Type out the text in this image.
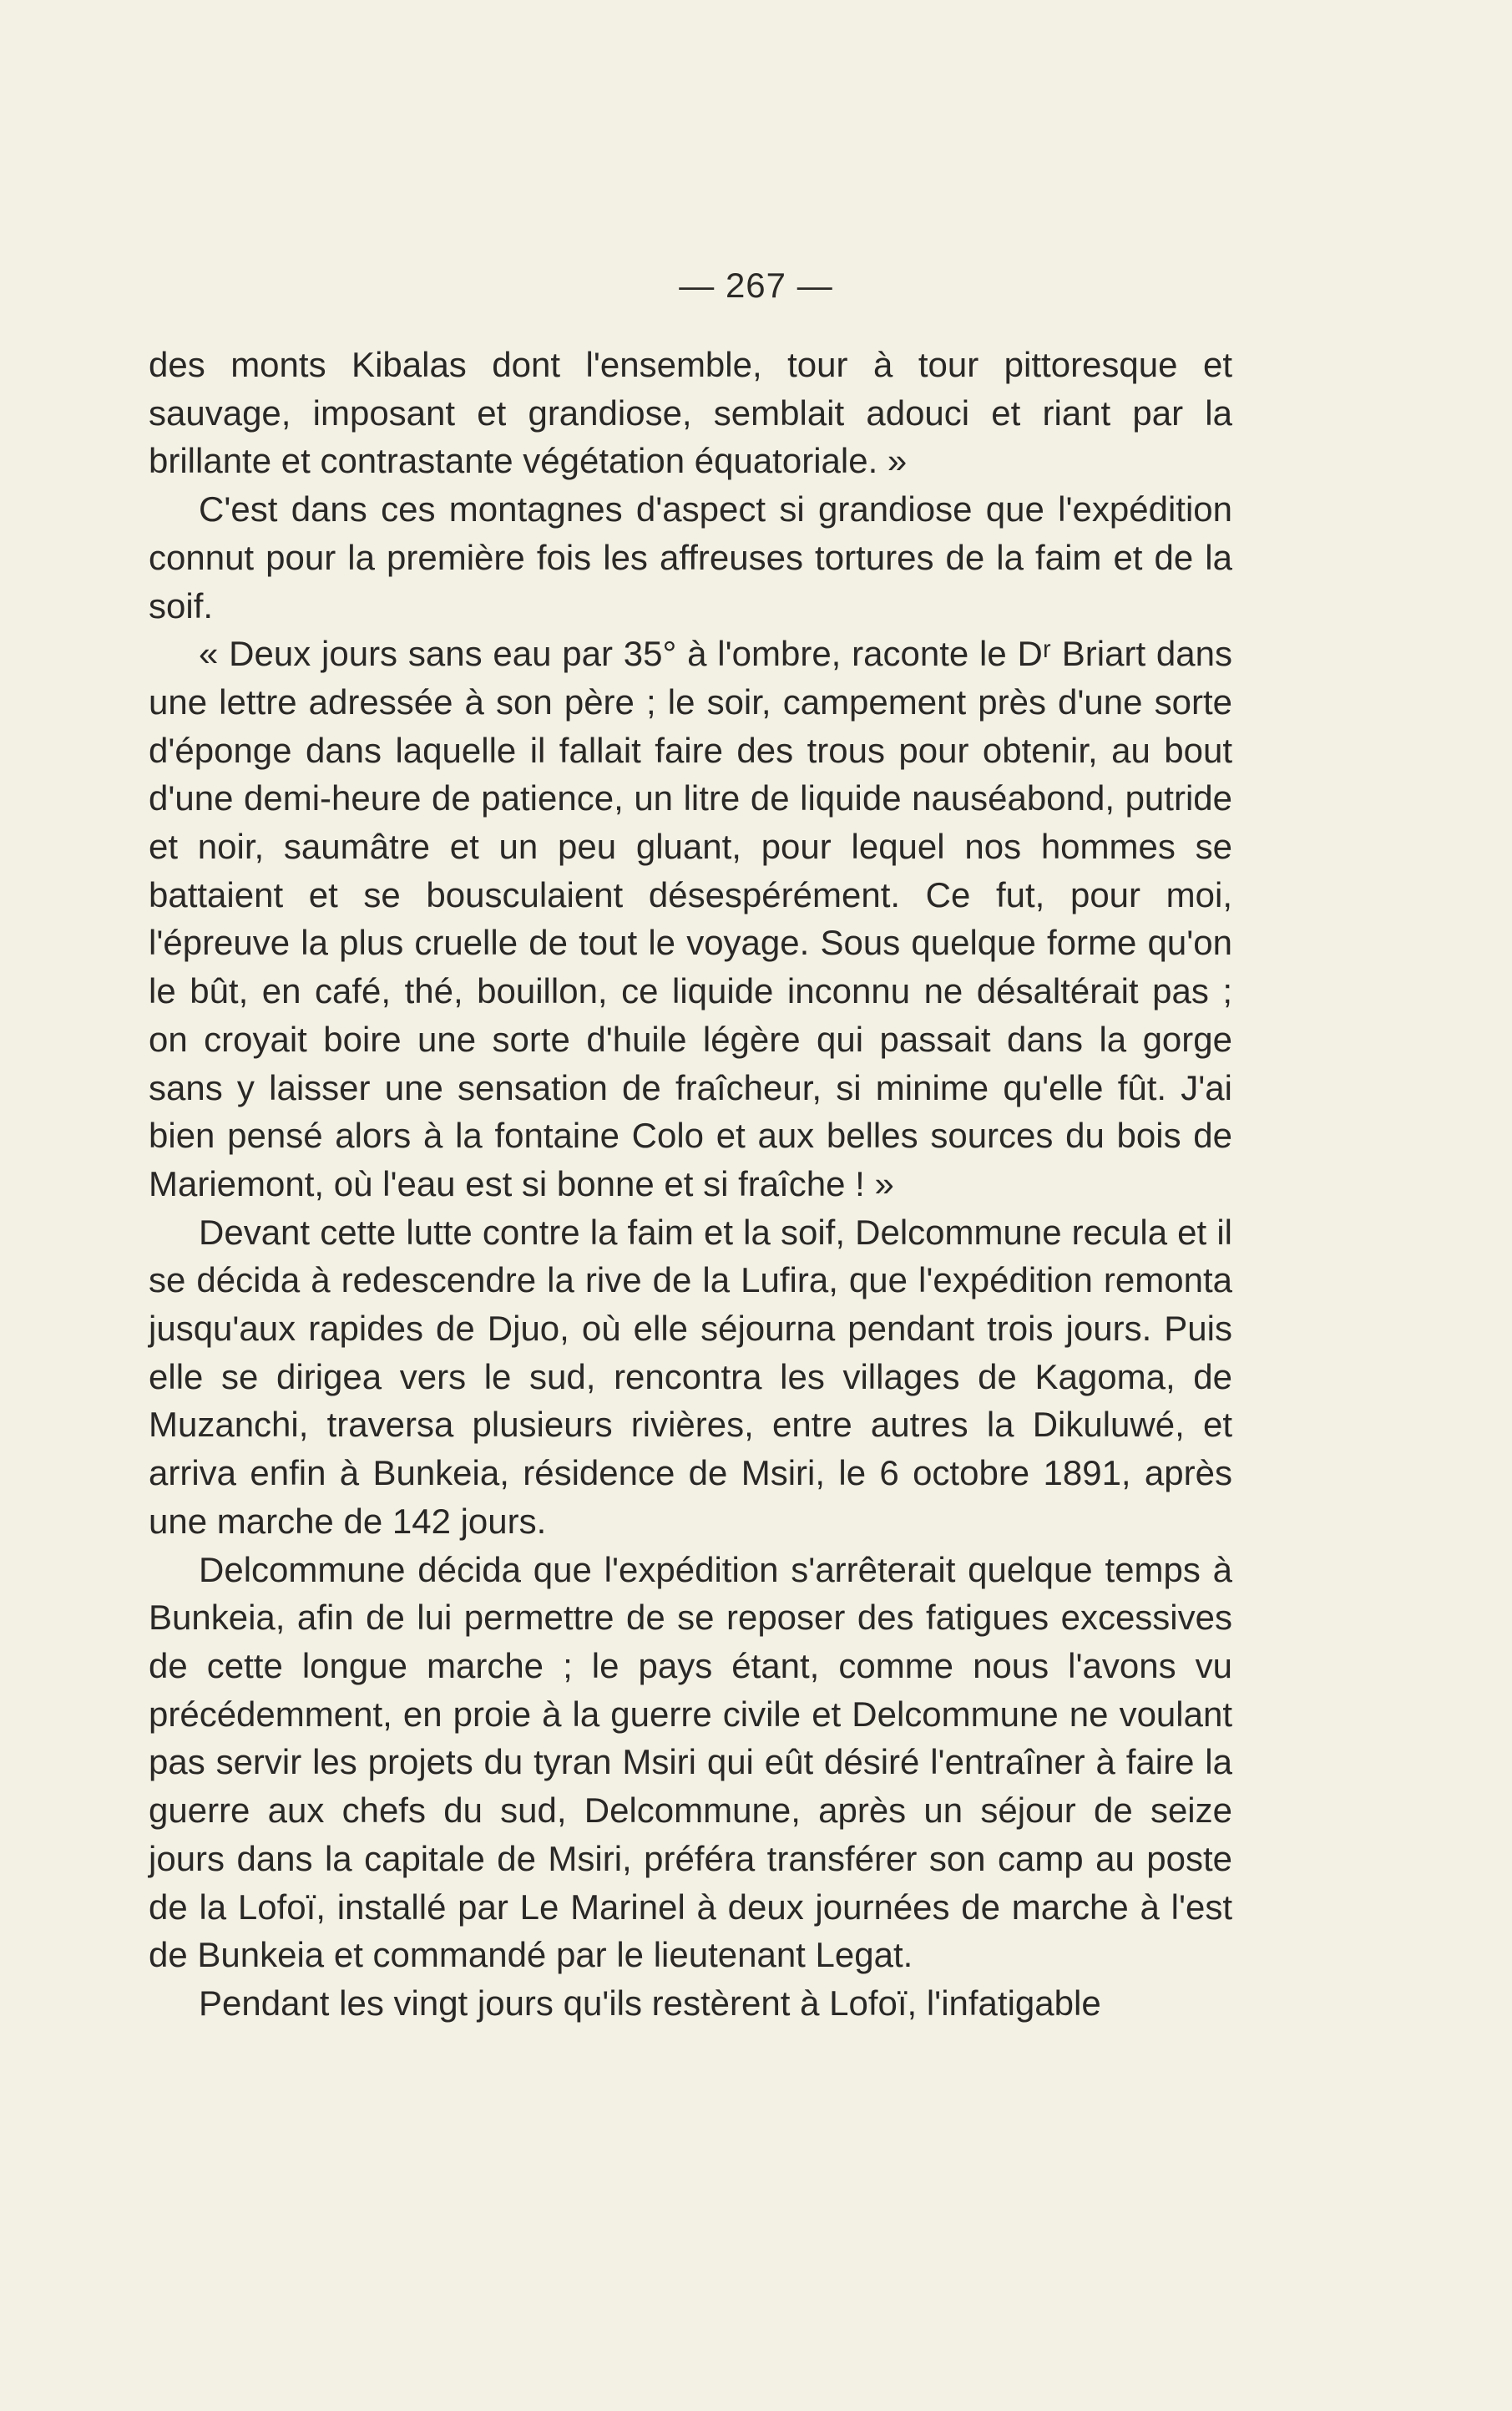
— 267 —

des monts Kibalas dont l'ensemble, tour à tour pittoresque et sauvage, imposant et grandiose, semblait adouci et riant par la brillante et contrastante végétation équatoriale. »

C'est dans ces montagnes d'aspect si grandiose que l'expédition connut pour la première fois les affreuses tortures de la faim et de la soif.

« Deux jours sans eau par 35° à l'ombre, raconte le Dʳ Briart dans une lettre adressée à son père ; le soir, campement près d'une sorte d'éponge dans laquelle il fallait faire des trous pour obtenir, au bout d'une demi-heure de patience, un litre de liquide nauséabond, putride et noir, saumâtre et un peu gluant, pour lequel nos hommes se battaient et se bousculaient désespérément. Ce fut, pour moi, l'épreuve la plus cruelle de tout le voyage. Sous quelque forme qu'on le bût, en café, thé, bouillon, ce liquide inconnu ne désaltérait pas ; on croyait boire une sorte d'huile légère qui passait dans la gorge sans y laisser une sensation de fraîcheur, si minime qu'elle fût. J'ai bien pensé alors à la fontaine Colo et aux belles sources du bois de Mariemont, où l'eau est si bonne et si fraîche ! »

Devant cette lutte contre la faim et la soif, Delcommune recula et il se décida à redescendre la rive de la Lufira, que l'expédition remonta jusqu'aux rapides de Djuo, où elle séjourna pendant trois jours. Puis elle se dirigea vers le sud, rencontra les villages de Kagoma, de Muzanchi, traversa plusieurs rivières, entre autres la Dikuluwé, et arriva enfin à Bunkeia, résidence de Msiri, le 6 octobre 1891, après une marche de 142 jours.

Delcommune décida que l'expédition s'arrêterait quelque temps à Bunkeia, afin de lui permettre de se reposer des fatigues excessives de cette longue marche ; le pays étant, comme nous l'avons vu précédemment, en proie à la guerre civile et Delcommune ne voulant pas servir les projets du tyran Msiri qui eût désiré l'entraîner à faire la guerre aux chefs du sud, Delcommune, après un séjour de seize jours dans la capitale de Msiri, préféra transférer son camp au poste de la Lofoï, installé par Le Marinel à deux journées de marche à l'est de Bunkeia et commandé par le lieutenant Legat.

Pendant les vingt jours qu'ils restèrent à Lofoï, l'infatigable
